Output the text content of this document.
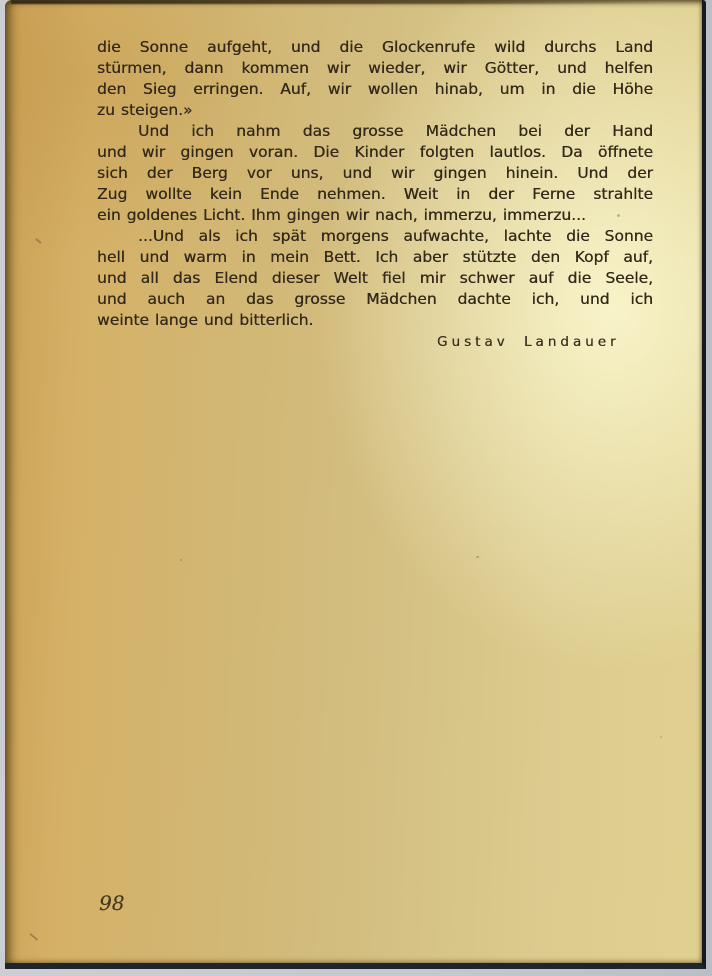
die Sonne aufgeht, und die Glockenrufe wild durchs Land
stürmen, dann kommen wir wieder, wir Götter, und helfen
den Sieg erringen. Auf, wir wollen hinab, um in die Höhe
zu steigen.»
Und ich nahm das grosse Mädchen bei der Hand
und wir gingen voran. Die Kinder folgten lautlos. Da öffnete
sich der Berg vor uns, und wir gingen hinein. Und der
Zug wollte kein Ende nehmen. Weit in der Ferne strahlte
ein goldenes Licht. Ihm gingen wir nach, immerzu, immerzu...
...Und als ich spät morgens aufwachte, lachte die Sonne
hell und warm in mein Bett. Ich aber stützte den Kopf auf,
und all das Elend dieser Welt fiel mir schwer auf die Seele,
und auch an das grosse Mädchen dachte ich, und ich
weinte lange und bitterlich.
Gustav Landauer
98
